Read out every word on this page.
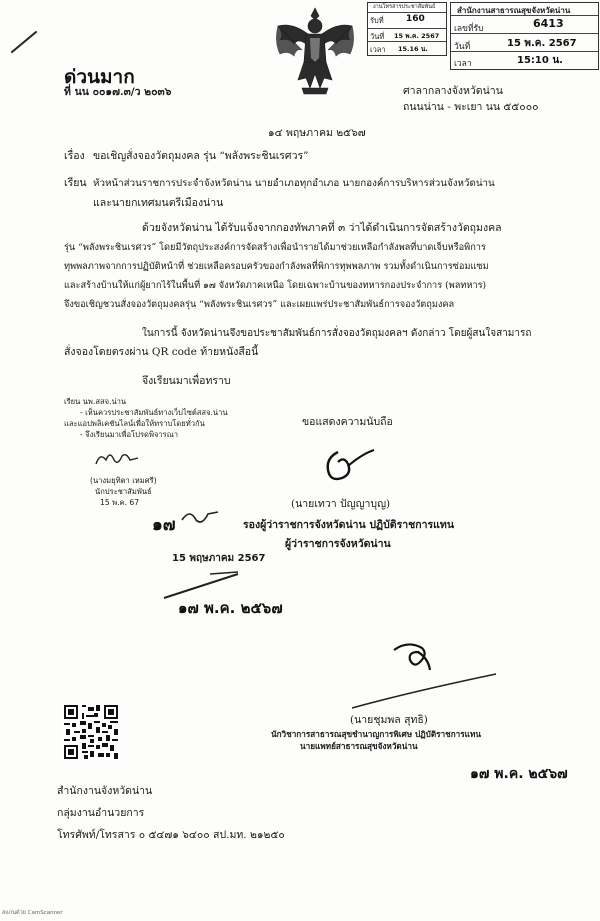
งานโทรสารประชาสัมพันธ์
รับที่
วันที่
เวลา
160
15 พ.ค. 2567
15.16 น.
สำนักงานสาธารณสุขจังหวัดน่าน
เลขที่รับ
วันที่
เวลา
6413
15 พ.ค. 2567
15:10 น.
ด่วนมาก
ที่ นน ๐๐๑๗.๓/ว ๒๐๓๖	ศาลากลางจังหวัดน่าน
ถนนน่าน - พะเยา นน ๕๕๐๐๐
๑๔ พฤษภาคม ๒๕๖๗
เรื่อง ขอเชิญสั่งจองวัตถุมงคล รุ่น “พลังพระชินเรศวร”
เรียน หัวหน้าส่วนราชการประจำจังหวัดน่าน นายอำเภอทุกอำเภอ นายกองค์การบริหารส่วนจังหวัดน่าน
และนายกเทศมนตรีเมืองน่าน
ด้วยจังหวัดน่าน ได้รับแจ้งจากกองทัพภาคที่ ๓ ว่าได้ดำเนินการจัดสร้างวัตถุมงคล
รุ่น “พลังพระชินเรศวร” โดยมีวัตถุประสงค์การจัดสร้างเพื่อนำรายได้มาช่วยเหลือกำลังพลที่บาดเจ็บหรือพิการ
ทุพพลภาพจากการปฏิบัติหน้าที่ ช่วยเหลือครอบครัวของกำลังพลที่พิการทุพพลภาพ รวมทั้งดำเนินการซ่อมแซม
และสร้างบ้านให้แก่ผู้ยากไร้ในพื้นที่ ๑๗ จังหวัดภาคเหนือ โดยเฉพาะบ้านของทหารกองประจำการ (พลทหาร)
จึงขอเชิญชวนสั่งจองวัตถุมงคลรุ่น “พลังพระชินเรศวร” และเผยแพร่ประชาสัมพันธ์การจองวัตถุมงคล
ในการนี้ จังหวัดน่านจึงขอประชาสัมพันธ์การสั่งจองวัตถุมงคลฯ ดังกล่าว โดยผู้สนใจสามารถ
สั่งจองโดยตรงผ่าน QR code ท้ายหนังสือนี้
จึงเรียนมาเพื่อทราบ
เรียน นพ.สสจ.น่าน
- เห็นควรประชาสัมพันธ์ทางเว็บไซต์สสจ.น่าน
และแอปพลิเคชันไลน์เพื่อให้ทราบโดยทั่วกัน
- จึงเรียนมาเพื่อโปรดพิจารณา
(นางมยุทิตา เหมศรี)
นักประชาสัมพันธ์
15 พ.ค. 67
ขอแสดงความนับถือ
(นายเทวา ปัญญาบุญ)
รองผู้ว่าราชการจังหวัดน่าน ปฏิบัติราชการแทน
ผู้ว่าราชการจังหวัดน่าน
๑๗
15 พฤษภาคม 2567
๑๗ พ.ค. ๒๕๖๗
(นายชุมพล สุทธิ)
นักวิชาการสาธารณสุขชำนาญการพิเศษ ปฏิบัติราชการแทน
นายแพทย์สาธารณสุขจังหวัดน่าน
๑๗ พ.ค. ๒๕๖๗
สำนักงานจังหวัดน่าน
กลุ่มงานอำนวยการ
โทรศัพท์/โทรสาร ๐ ๕๔๗๑ ๖๔๐๐ สป.มท. ๒๑๒๕๐
สแกนด้วย CamScanner
